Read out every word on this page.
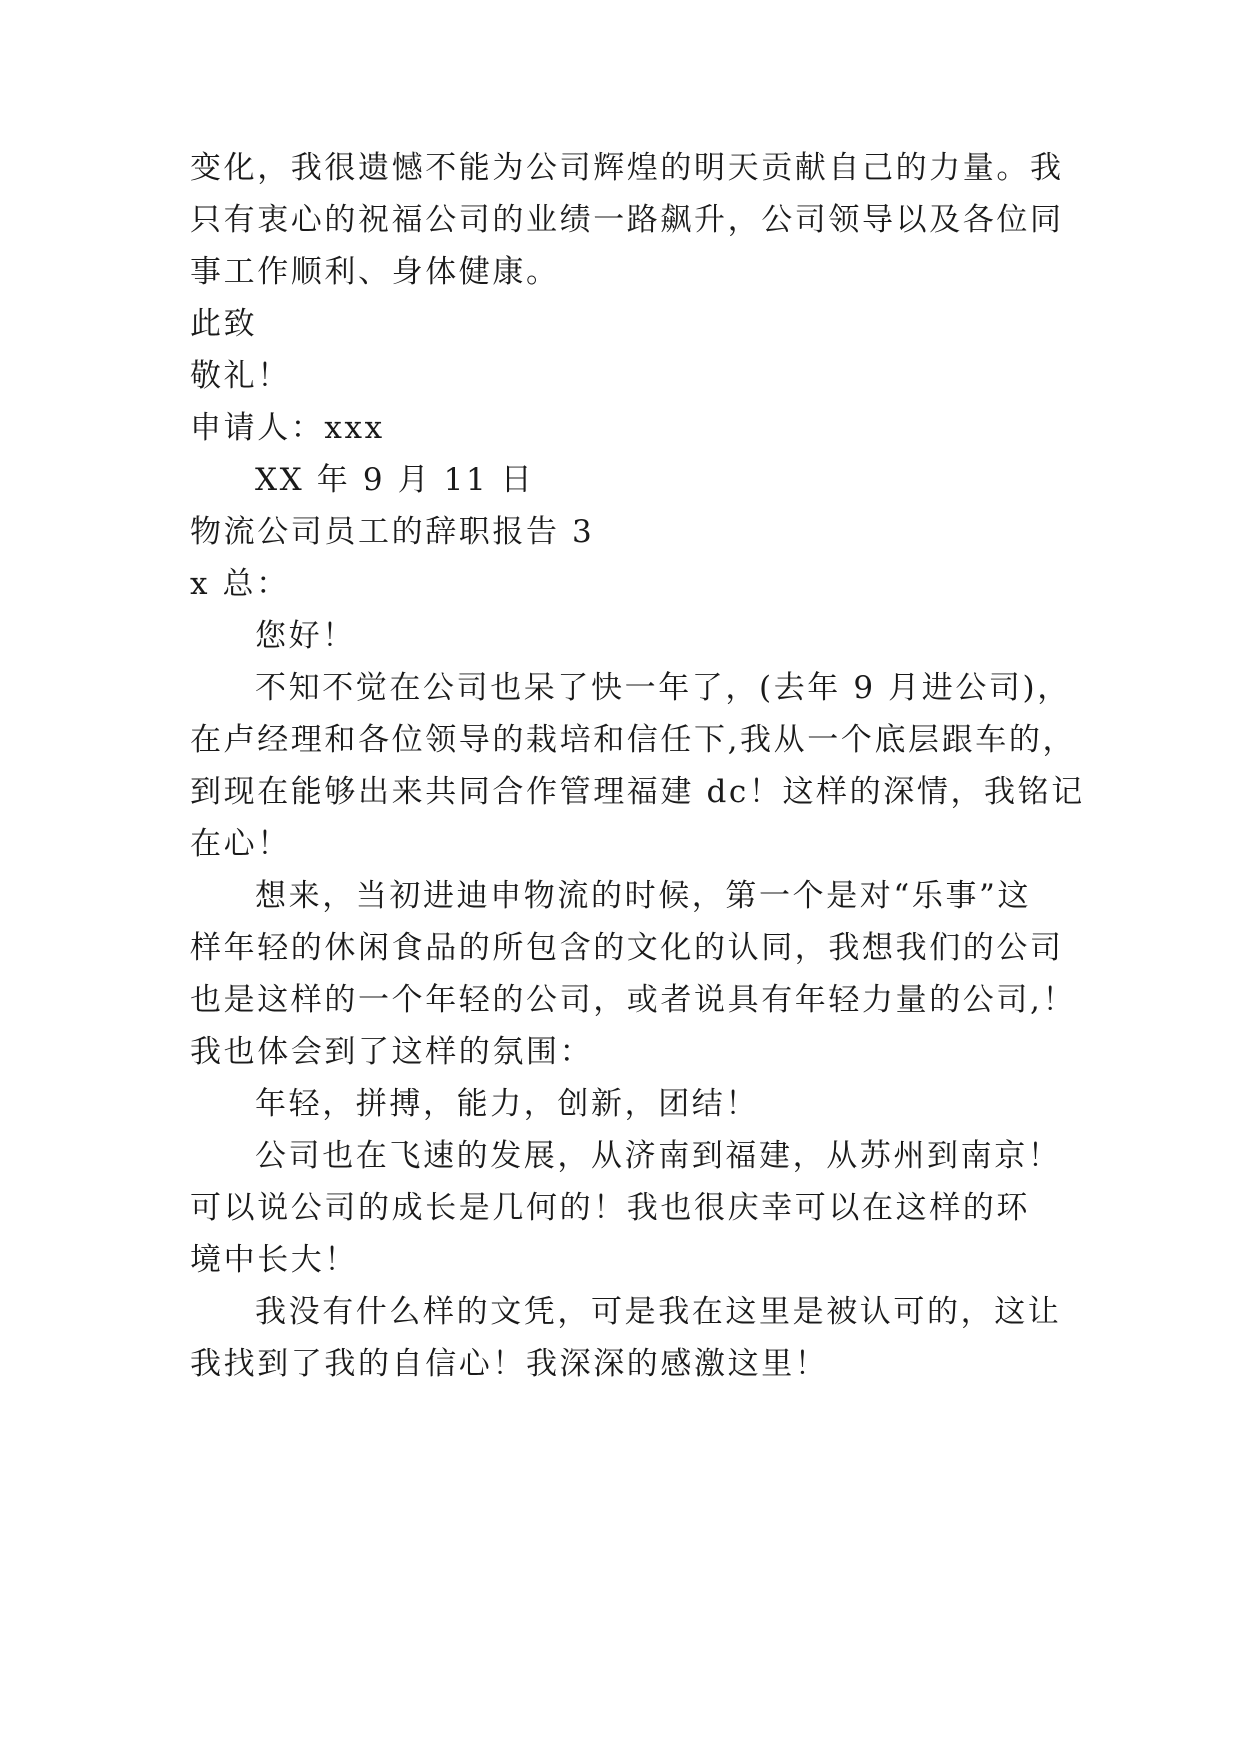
变化，我很遗憾不能为公司辉煌的明天贡献自己的力量。我
只有衷心的祝福公司的业绩一路飙升，公司领导以及各位同
事工作顺利、身体健康。
此致
敬礼！
申请人：xxx
XX 年 9 月 11 日
物流公司员工的辞职报告 3
x 总：
您好！
不知不觉在公司也呆了快一年了，(去年 9 月进公司)，
在卢经理和各位领导的栽培和信任下,我从一个底层跟车的，
到现在能够出来共同合作管理福建 dc！这样的深情，我铭记
在心！
想来，当初进迪申物流的时候，第一个是对“乐事”这
样年轻的休闲食品的所包含的文化的认同，我想我们的公司
也是这样的一个年轻的公司，或者说具有年轻力量的公司,！
我也体会到了这样的氛围：
年轻，拼搏，能力，创新，团结！
公司也在飞速的发展，从济南到福建，从苏州到南京！
可以说公司的成长是几何的！我也很庆幸可以在这样的环
境中长大！
我没有什么样的文凭，可是我在这里是被认可的，这让
我找到了我的自信心！我深深的感激这里！
